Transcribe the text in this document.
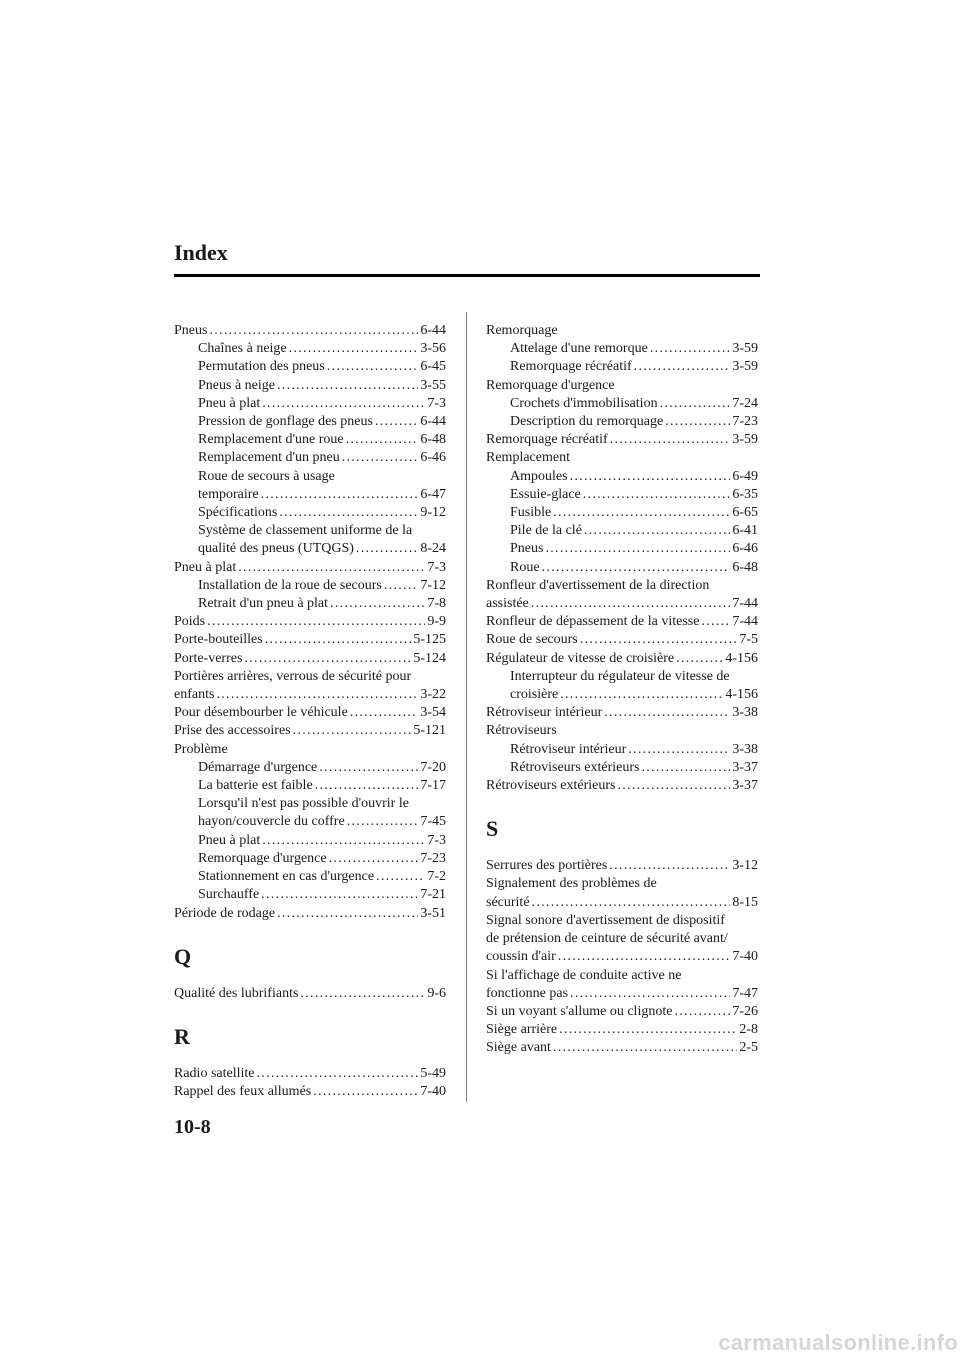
Index
Pneus . . .	6-44
Chaînes à neige . . .	3-56
Permutation des pneus . . .	6-45
Pneus à neige . . .	3-55
Pneu à plat . . .	7-3
Pression de gonflage des pneus . . .	6-44
Remplacement d'une roue . . .	6-48
Remplacement d'un pneu . . .	6-46
Roue de secours à usage
temporaire . . .	6-47
Spécifications . . .	9-12
Système de classement uniforme de la
qualité des pneus (UTQGS) . . .	8-24
Pneu à plat . . .	7-3
Installation de la roue de secours . . .	7-12
Retrait d'un pneu à plat . . .	7-8
Poids . . .	9-9
Porte-bouteilles . . .	5-125
Porte-verres . . .	5-124
Portières arrières, verrous de sécurité pour
enfants . . .	3-22
Pour désembourber le véhicule . . .	3-54
Prise des accessoires . . .	5-121
Problème
Démarrage d'urgence . . .	7-20
La batterie est faible . . .	7-17
Lorsqu'il n'est pas possible d'ouvrir le
hayon/couvercle du coffre . . .	7-45
Pneu à plat . . .	7-3
Remorquage d'urgence . . .	7-23
Stationnement en cas d'urgence . . .	7-2
Surchauffe . . .	7-21
Période de rodage . . .	3-51
Q
Qualité des lubrifiants . . .	9-6
R
Radio satellite . . .	5-49
Rappel des feux allumés . . .	7-40
Remorquage
Attelage d'une remorque . . .	3-59
Remorquage récréatif . . .	3-59
Remorquage d'urgence
Crochets d'immobilisation . . .	7-24
Description du remorquage . . .	7-23
Remorquage récréatif . . .	3-59
Remplacement
Ampoules . . .	6-49
Essuie-glace . . .	6-35
Fusible . . .	6-65
Pile de la clé . . .	6-41
Pneus . . .	6-46
Roue . . .	6-48
Ronfleur d'avertissement de la direction
assistée . . .	7-44
Ronfleur de dépassement de la vitesse . . . 7-44
Roue de secours . . .	7-5
Régulateur de vitesse de croisière . . .	4-156
Interrupteur du régulateur de vitesse de
croisière . . .	4-156
Rétroviseur intérieur . . .	3-38
Rétroviseurs
Rétroviseur intérieur . . .	3-38
Rétroviseurs extérieurs . . .	3-37
Rétroviseurs extérieurs . . .	3-37
S
Serrures des portières . . .	3-12
Signalement des problèmes de
sécurité . . .	8-15
Signal sonore d'avertissement de dispositif
de prétension de ceinture de sécurité avant/
coussin d'air . . .	7-40
Si l'affichage de conduite active ne
fonctionne pas . . .	7-47
Si un voyant s'allume ou clignote . . .	7-26
Siège arrière . . .	2-8
Siège avant . . .	2-5
10-8
carmanualsonline.info
